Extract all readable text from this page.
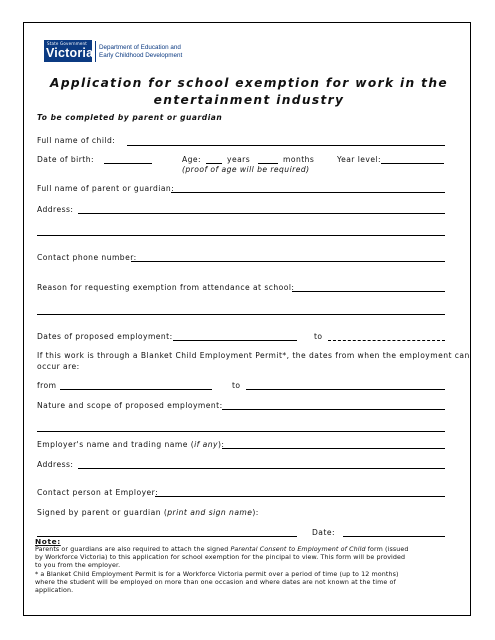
State Government
Victoria Department of Education and
Early Childhood Development
Application for school exemption for work in the
entertainment industry
To be completed by parent or guardian
Full name of child:
Date of birth:	Age:	years	months	Year level:
(proof of age will be required)
Full name of parent or guardian:
Address:
Contact phone number:
Reason for requesting exemption from attendance at school:
Dates of proposed employment:	to
If this work is through a Blanket Child Employment Permit*, the dates from when the employment can
occur are:
from	to
Nature and scope of proposed employment:
Employer's name and trading name (if any):
Address:
Contact person at Employer:
Signed by parent or guardian (print and sign name):
Date:
Note:
Parents or guardians are also required to attach the signed Parental Consent to Employment of Child form (issued
by Workforce Victoria) to this application for school exemption for the pincipal to view. This form will be provided
to you from the employer.
* a Blanket Child Employment Permit is for a Workforce Victoria permit over a period of time (up to 12 months)
where the student will be employed on more than one occasion and where dates are not known at the time of
application.
